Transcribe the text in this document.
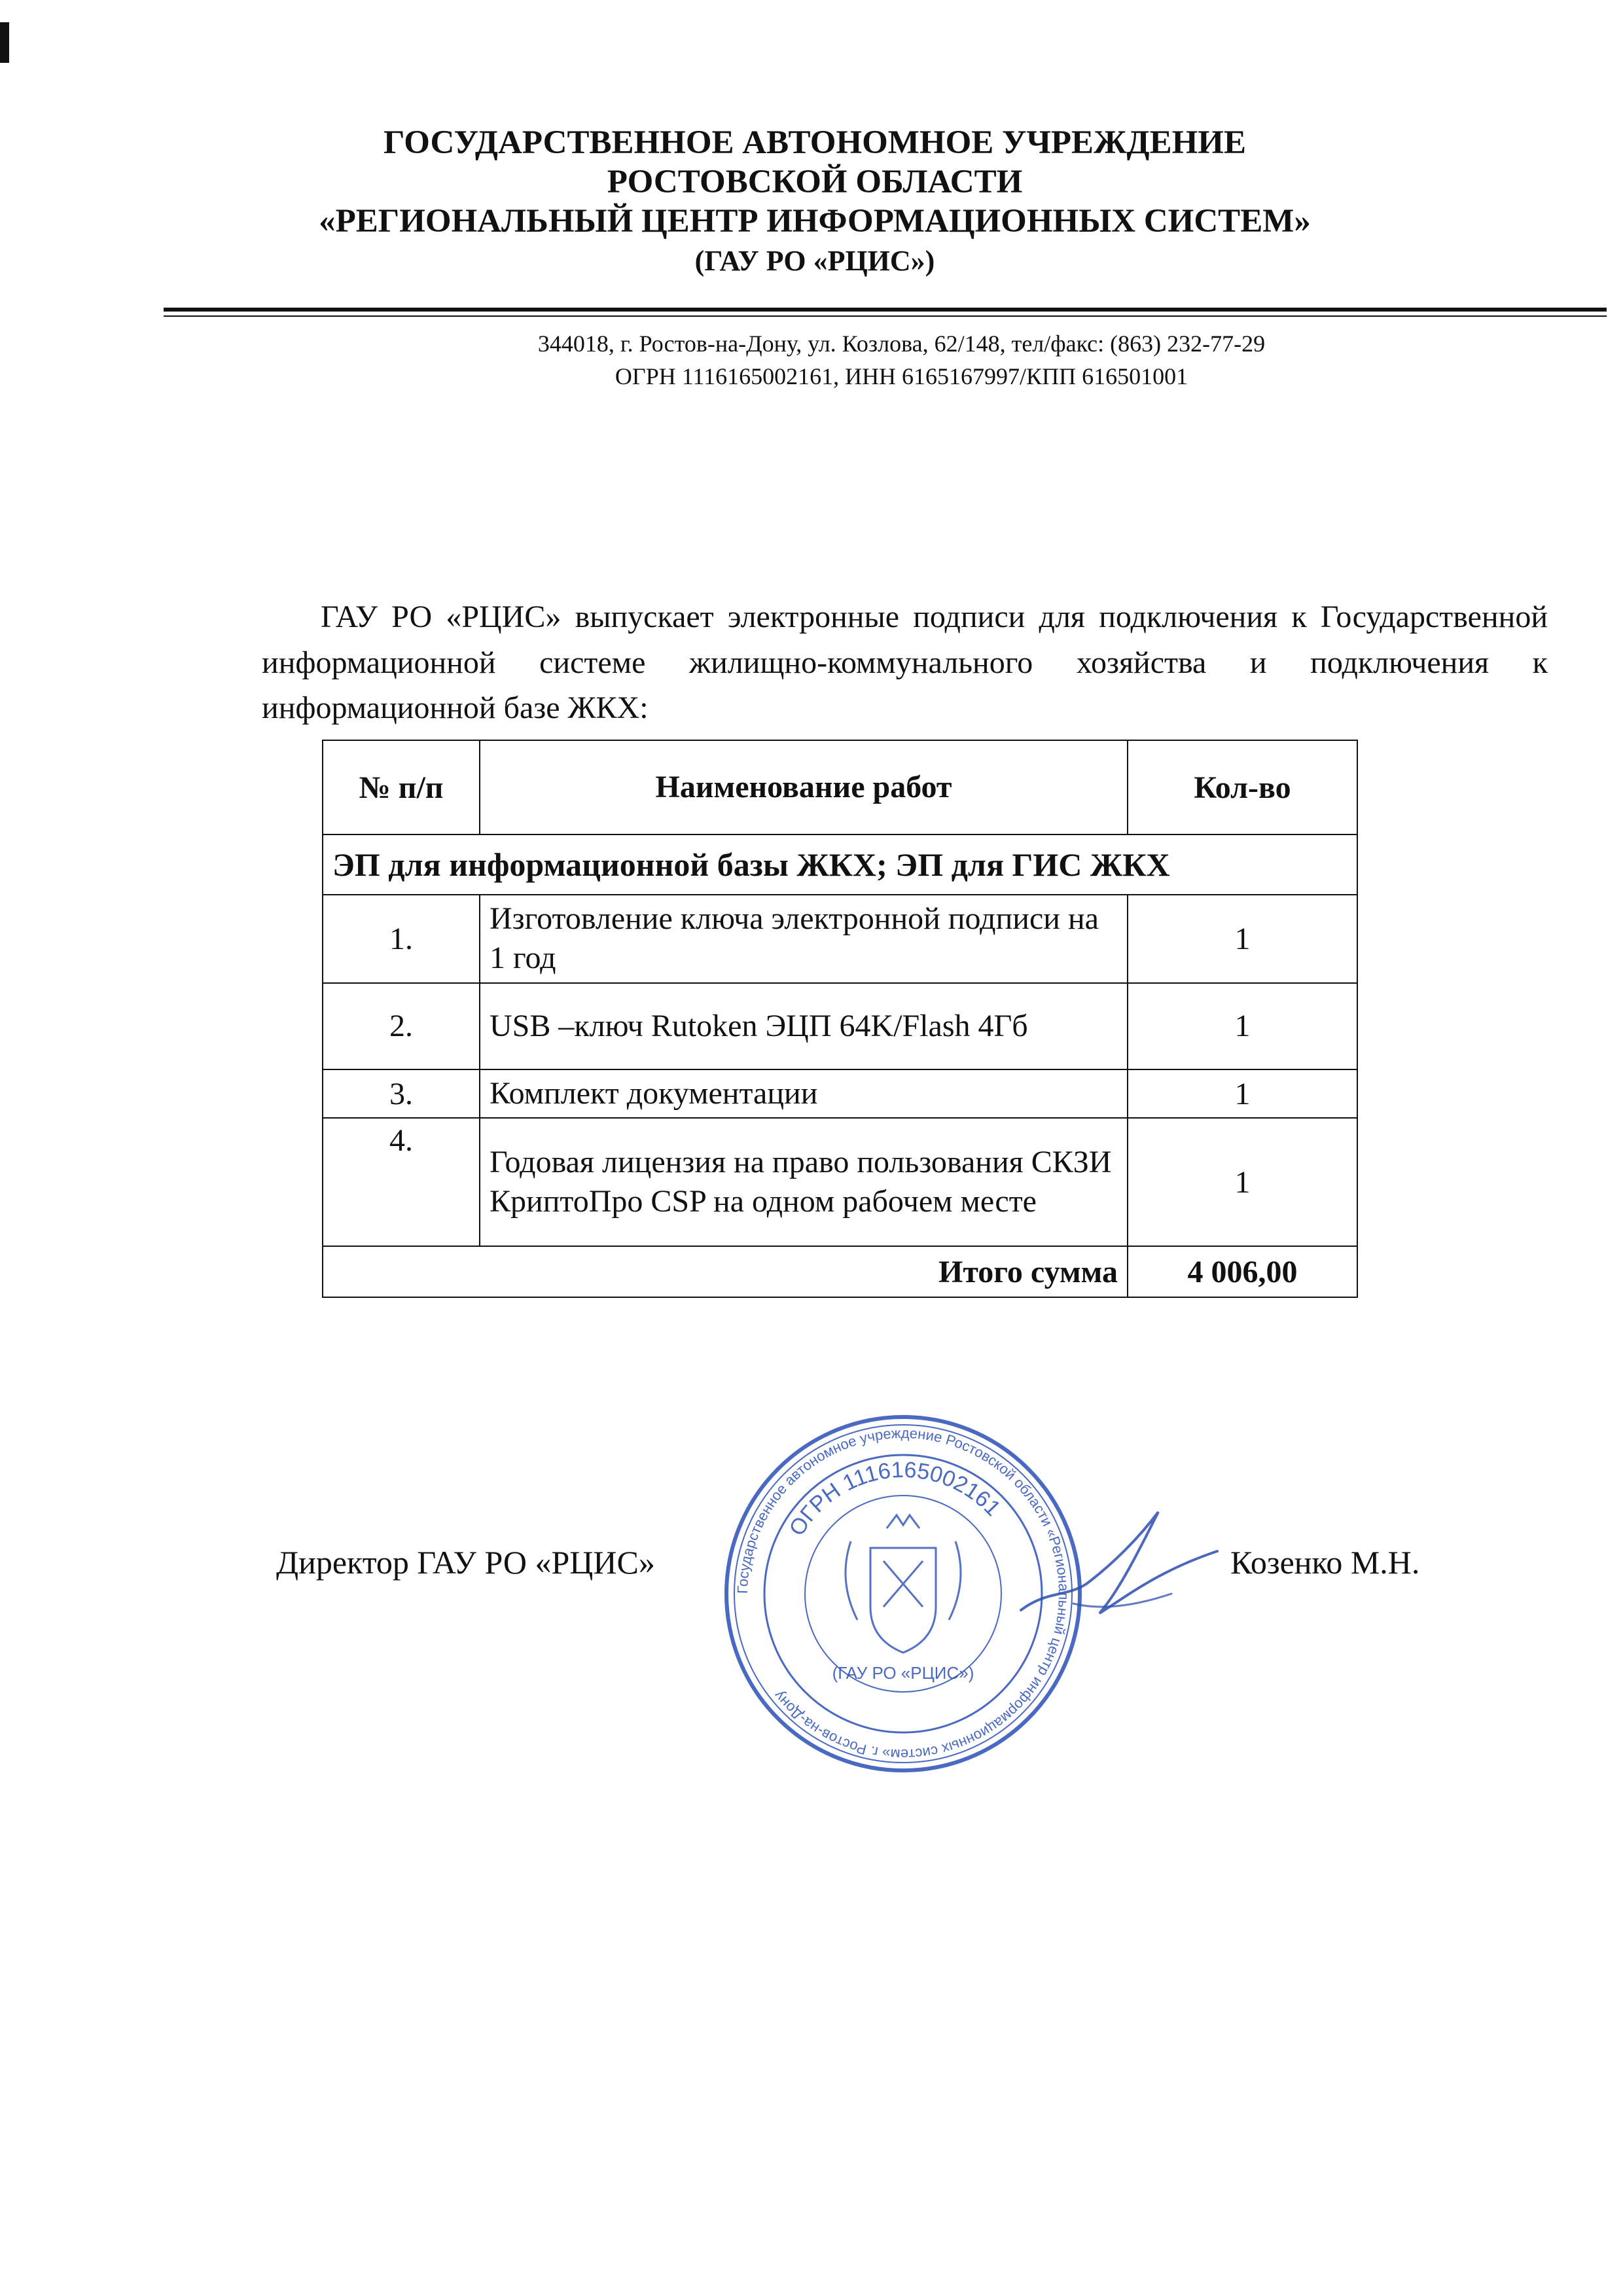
ГОСУДАРСТВЕННОЕ АВТОНОМНОЕ УЧРЕЖДЕНИЕ
РОСТОВСКОЙ ОБЛАСТИ
«РЕГИОНАЛЬНЫЙ ЦЕНТР ИНФОРМАЦИОННЫХ СИСТЕМ»
(ГАУ РО «РЦИС»)
344018, г. Ростов-на-Дону, ул. Козлова, 62/148, тел/факс: (863) 232-77-29
ОГРН 1116165002161, ИНН 6165167997/КПП 616501001

ГАУ РО «РЦИС» выпускает электронные подписи для подключения к Государственной информационной системе жилищно-коммунального хозяйства и подключения к информационной базе ЖКХ:

№ п/п	Наименование работ	Кол-во
ЭП для информационной базы ЖКХ; ЭП для ГИС ЖКХ		
1.	Изготовление ключа электронной подписи на 1 год	1
2.	USB –ключ Rutoken ЭЦП 64K/Flash 4Гб	1
3.	Комплект документации	1
4.	Годовая лицензия на право пользования СКЗИ КриптоПро CSP на одном рабочем месте	1
Итого сумма		4 006,00
Директор ГАУ РО «РЦИС»
Государственное автономное учреждение Ростовской области «Региональный центр информационных систем» г. Ростов-на-Дону
ОГРН 1116165002161
(ГАУ РО «РЦИС»)
Козенко М.Н.
